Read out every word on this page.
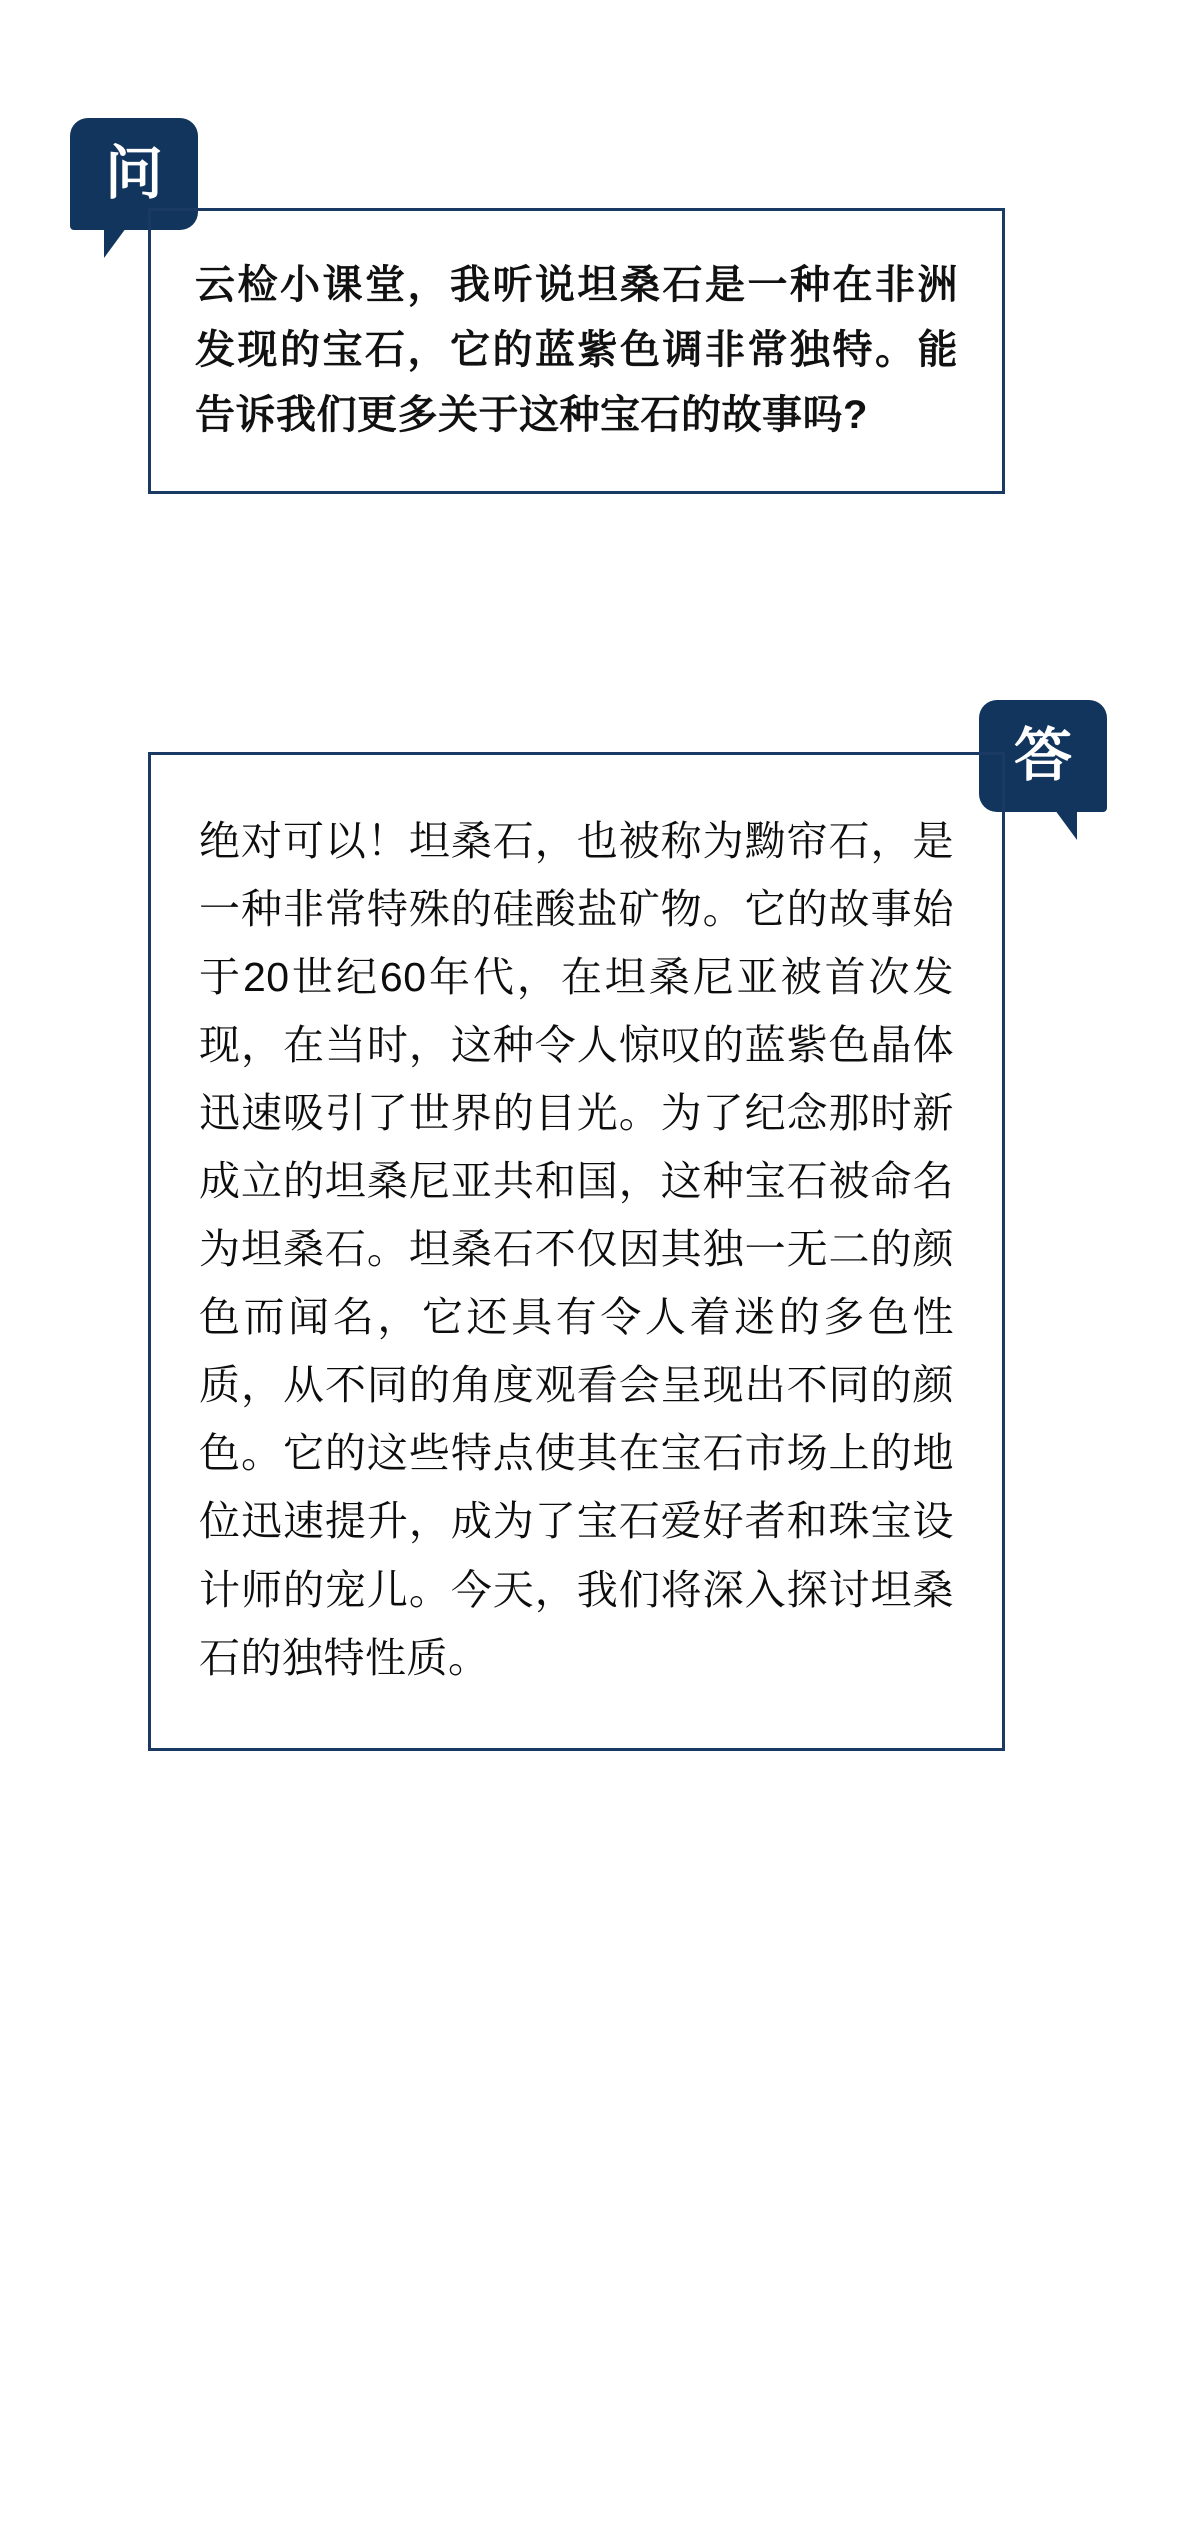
问
云检小课堂，我听说坦桑石是一种在非洲发现的宝石，它的蓝紫色调非常独特。能告诉我们更多关于这种宝石的故事吗?
答
绝对可以！坦桑石，也被称为黝帘石，是一种非常特殊的硅酸盐矿物。它的故事始于20世纪60年代，在坦桑尼亚被首次发现，在当时，这种令人惊叹的蓝紫色晶体迅速吸引了世界的目光。为了纪念那时新成立的坦桑尼亚共和国，这种宝石被命名为坦桑石。坦桑石不仅因其独一无二的颜色而闻名，它还具有令人着迷的多色性质，从不同的角度观看会呈现出不同的颜色。它的这些特点使其在宝石市场上的地位迅速提升，成为了宝石爱好者和珠宝设计师的宠儿。今天，我们将深入探讨坦桑石的独特性质。
